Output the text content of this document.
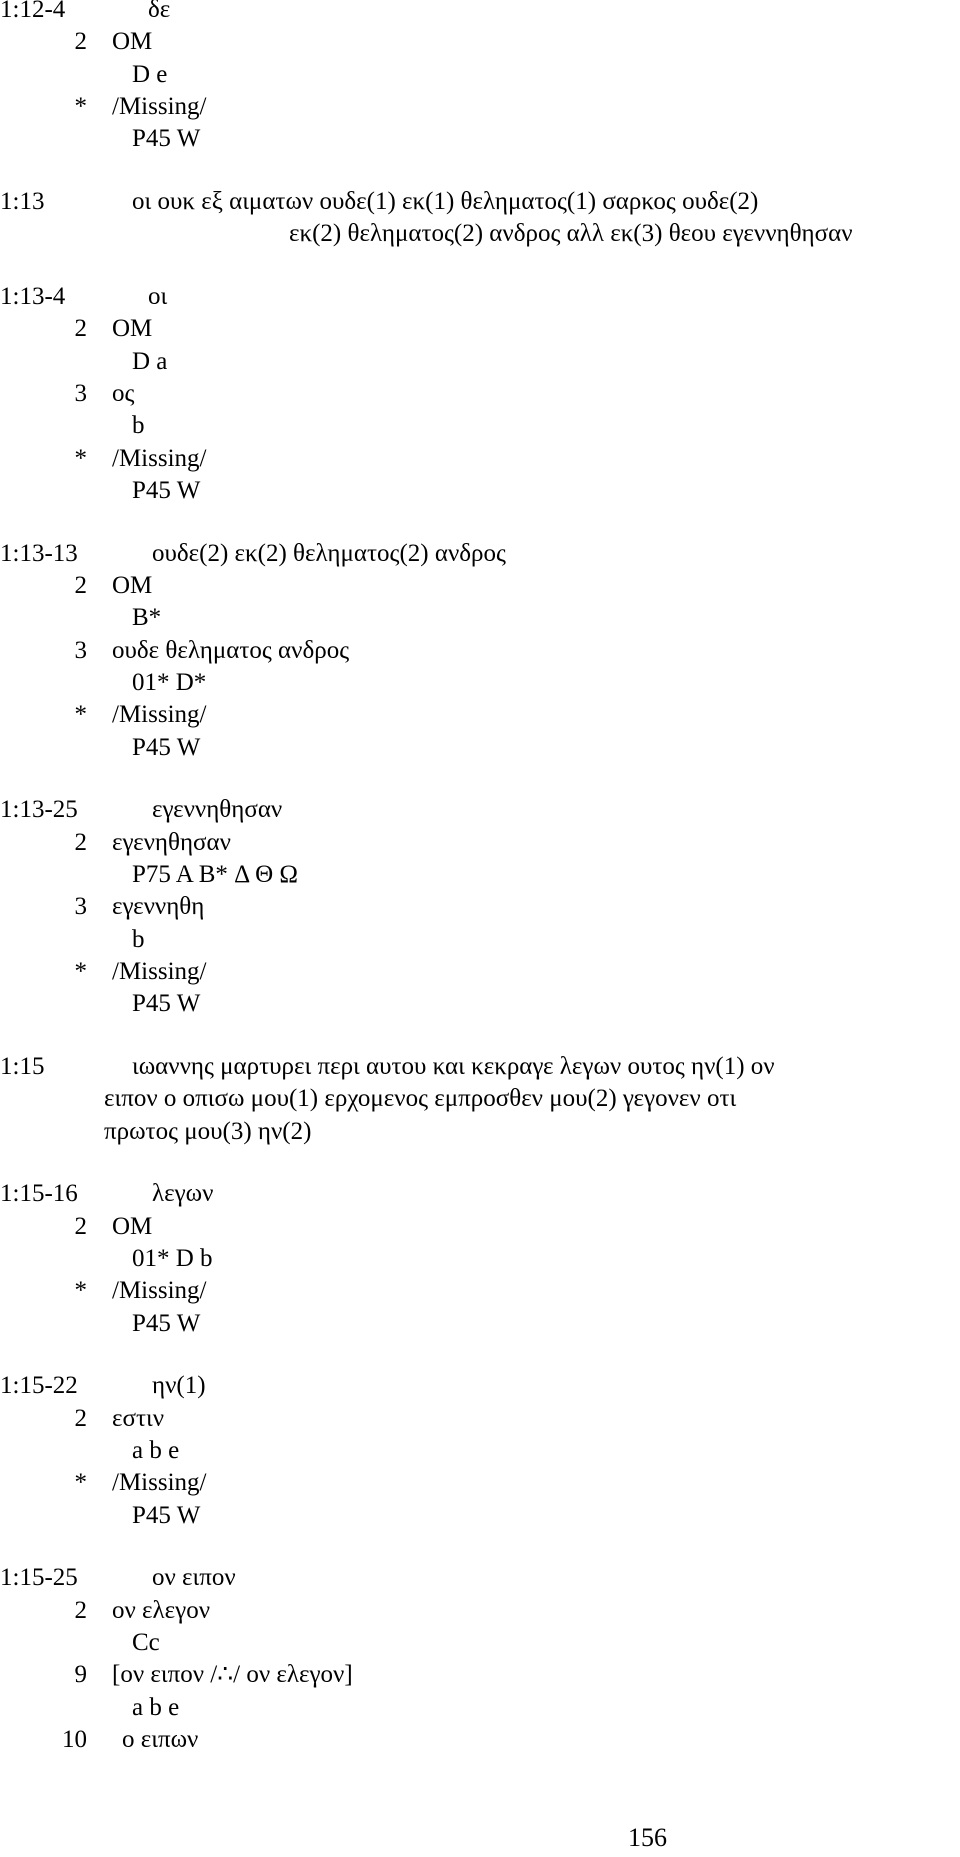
1:12-4	δε
2 OM
D e
* /Missing/
P45 W
1:13	οι ουκ εξ αιματων ουδε(1) εκ(1) θεληματος(1) σαρκος ουδε(2)
εκ(2) θεληματος(2) ανδρος αλλ εκ(3) θεου εγεννηθησαν
1:13-4	οι
2 OM
D a
3 ος
b
* /Missing/
P45 W
1:13-13	ουδε(2) εκ(2) θεληματος(2) ανδρος
2 OM
B*
3 ουδε θεληματος ανδρος
01* D*
* /Missing/
P45 W
1:13-25	εγεννηθησαν
2 εγενηθησαν
P75 A B* Δ Θ Ω
3 εγεννηθη
b
* /Missing/
P45 W
1:15	ιωαννης μαρτυρει περι αυτου και κεκραγε λεγων ουτος ην(1) ον
ειπον ο οπισω μου(1) ερχομενος εμπροσθεν μου(2) γεγονεν οτι
πρωτος μου(3) ην(2)
1:15-16	λεγων
2 OM
01* D b
* /Missing/
P45 W
1:15-22	ην(1)
2 εστιν
a b e
* /Missing/
P45 W
1:15-25	ον ειπον
2 ον ελεγον
Cc
9 [ον ειπον /∴/ ον ελεγον]
a b e
10 ο ειπων
156
